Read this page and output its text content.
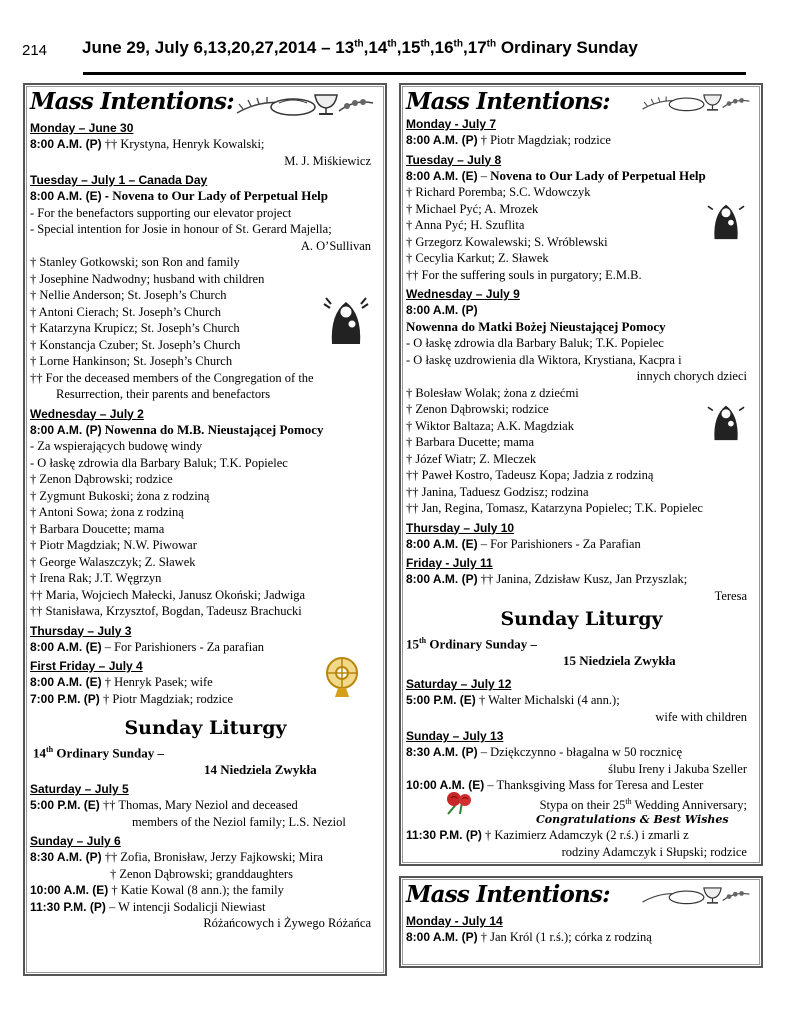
214 June 29, July 6,13,20,27,2014 – 13th,14th,15th,16th,17th Ordinary Sunday
Mass Intentions:
Monday – June 30
8:00 A.M. (P) †† Krystyna, Henryk Kowalski;
M. J. Miśkiewicz
Tuesday – July 1 – Canada Day
8:00 A.M. (E) - Novena to Our Lady of Perpetual Help
- For the benefactors supporting our elevator project
- Special intention for Josie in honour of St. Gerard Majella;
A. O’Sullivan
† Stanley Gotkowski; son Ron and family
† Josephine Nadwodny; husband with children
† Nellie Anderson; St. Joseph’s Church
† Antoni Cierach; St. Joseph’s Church
† Katarzyna Krupicz; St. Joseph’s Church
† Konstancja Czuber; St. Joseph’s Church
† Lorne Hankinson; St. Joseph’s Church
†† For the deceased members of the Congregation of the
Resurrection, their parents and benefactors
Wednesday – July 2
8:00 A.M. (P) Nowenna do M.B. Nieustającej Pomocy
- Za wspierających budowę windy
- O łaskę zdrowia dla Barbary Baluk; T.K. Popielec
† Zenon Dąbrowski; rodzice
† Zygmunt Bukoski; żona z rodziną
† Antoni Sowa; żona z rodziną
† Barbara Doucette; mama
† Piotr Magdziak; N.W. Piwowar
† George Walaszczyk; Z. Sławek
† Irena Rak; J.T. Węgrzyn
†† Maria, Wojciech Małecki, Janusz Okoński; Jadwiga
†† Stanisława, Krzysztof, Bogdan, Tadeusz Brachucki
Thursday – July 3
8:00 A.M. (E) – For Parishioners - Za parafian
First Friday – July 4
8:00 A.M. (E) † Henryk Pasek; wife
7:00 P.M. (P) † Piotr Magdziak; rodzice
Sunday Liturgy
14th Ordinary Sunday –
14 Niedziela Zwykła
Saturday – July 5
5:00 P.M. (E) †† Thomas, Mary Neziol and deceased
members of the Neziol family; L.S. Neziol
Sunday – July 6
8:30 A.M. (P) †† Zofia, Bronisław, Jerzy Fajkowski; Mira
† Zenon Dąbrowski; granddaughters
10:00 A.M. (E) † Katie Kowal (8 ann.); the family
11:30 P.M. (P) – W intencji Sodalicji Niewiast
Różańcowych i Żywego Różańca
Mass Intentions:
Monday - July 7
8:00 A.M. (P) † Piotr Magdziak; rodzice
Tuesday – July 8
8:00 A.M. (E) – Novena to Our Lady of Perpetual Help
† Richard Poremba; S.C. Wdowczyk
† Michael Pyć; A. Mrozek
† Anna Pyć; H. Szuflita
† Grzegorz Kowalewski; S. Wróblewski
† Cecylia Karkut; Z. Sławek
†† For the suffering souls in purgatory; E.M.B.
Wednesday – July 9
8:00 A.M. (P)
Nowenna do Matki Bożej Nieustającej Pomocy
- O łaskę zdrowia dla Barbary Baluk; T.K. Popielec
- O łaskę uzdrowienia dla Wiktora, Krystiana, Kacpra i
innych chorych dzieci
† Bolesław Wolak; żona z dziećmi
† Zenon Dąbrowski; rodzice
† Wiktor Baltaza; A.K. Magdziak
† Barbara Ducette; mama
† Józef Wiatr; Z. Mleczek
†† Paweł Kostro, Tadeusz Kopa; Jadzia z rodziną
†† Janina, Taduesz Godzisz; rodzina
†† Jan, Regina, Tomasz, Katarzyna Popielec; T.K. Popielec
Thursday – July 10
8:00 A.M. (E) – For Parishioners - Za Parafian
Friday - July 11
8:00 A.M. (P) †† Janina, Zdzisław Kusz, Jan Przyszlak;
Teresa
Sunday Liturgy
15th Ordinary Sunday –
15 Niedziela Zwykła
Saturday – July 12
5:00 P.M. (E) † Walter Michalski (4 ann.);
wife with children
Sunday – July 13
8:30 A.M. (P) – Dziękczynno - błagalna w 50 rocznicę
ślubu Ireny i Jakuba Szeller
10:00 A.M. (E) – Thanksgiving Mass for Teresa and Lester
Stypa on their 25th Wedding Anniversary;
Congratulations & Best Wishes
11:30 P.M. (P) † Kazimierz Adamczyk (2 r.ś.) i zmarli z
rodziny Adamczyk i Słupski; rodzice
Mass Intentions:
Monday - July 14
8:00 A.M. (P) † Jan Król (1 r.ś.); córka z rodziną
